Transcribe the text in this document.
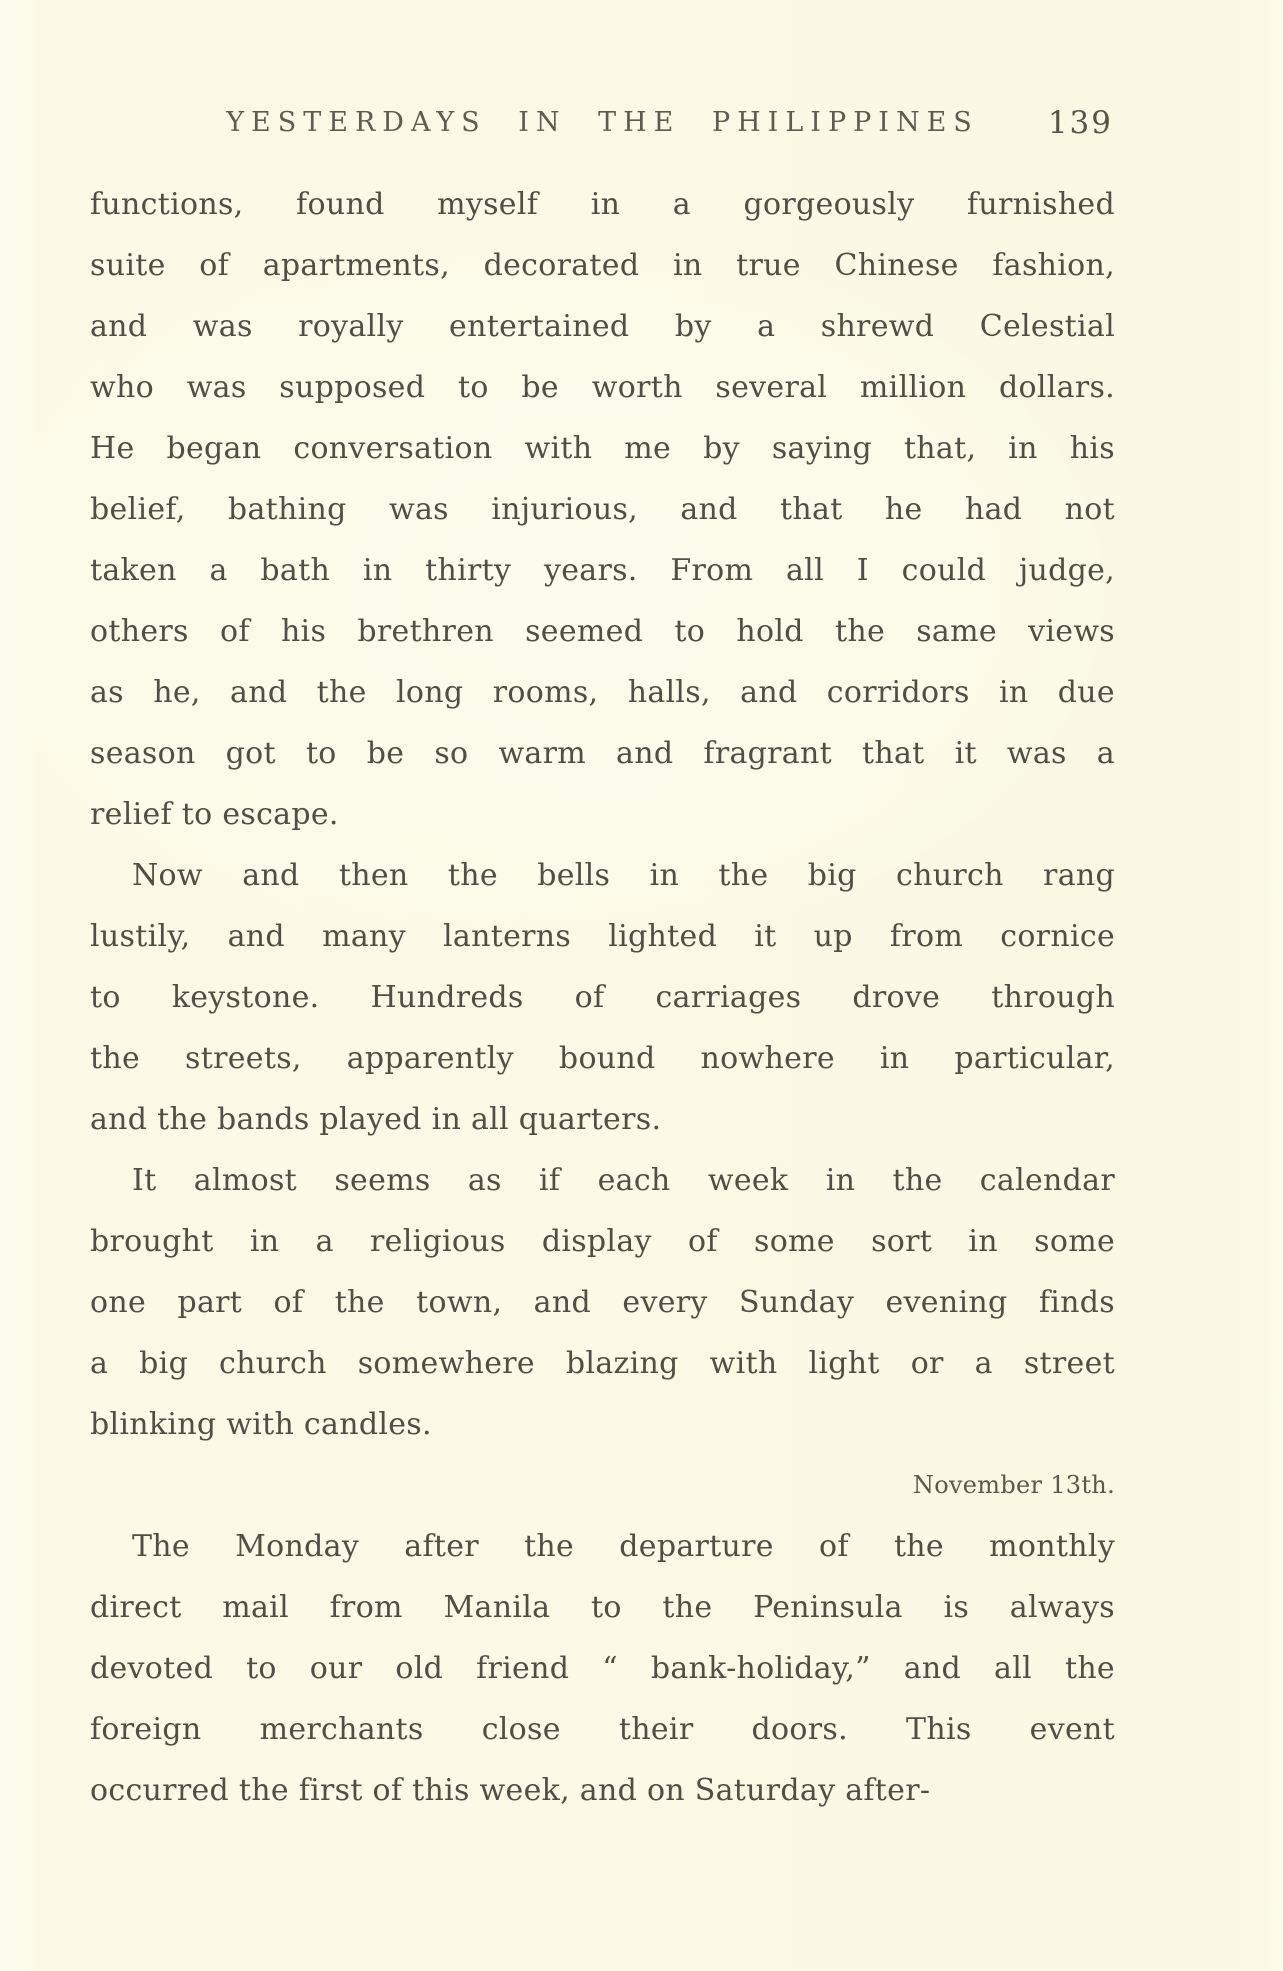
YESTERDAYS IN THE PHILIPPINES	139
functions, found myself in a gorgeously furnished
suite of apartments, decorated in true Chinese fashion,
and was royally entertained by a shrewd Celestial
who was supposed to be worth several million dollars.
He began conversation with me by saying that, in his
belief, bathing was injurious, and that he had not
taken a bath in thirty years. From all I could judge,
others of his brethren seemed to hold the same views
as he, and the long rooms, halls, and corridors in due
season got to be so warm and fragrant that it was a
relief to escape.
Now and then the bells in the big church rang
lustily, and many lanterns lighted it up from cornice
to keystone. Hundreds of carriages drove through
the streets, apparently bound nowhere in particular,
and the bands played in all quarters.
It almost seems as if each week in the calendar
brought in a religious display of some sort in some
one part of the town, and every Sunday evening finds
a big church somewhere blazing with light or a street
blinking with candles.
November 13th.
The Monday after the departure of the monthly
direct mail from Manila to the Peninsula is always
devoted to our old friend “ bank-holiday,” and all the
foreign merchants close their doors. This event
occurred the first of this week, and on Saturday after-
